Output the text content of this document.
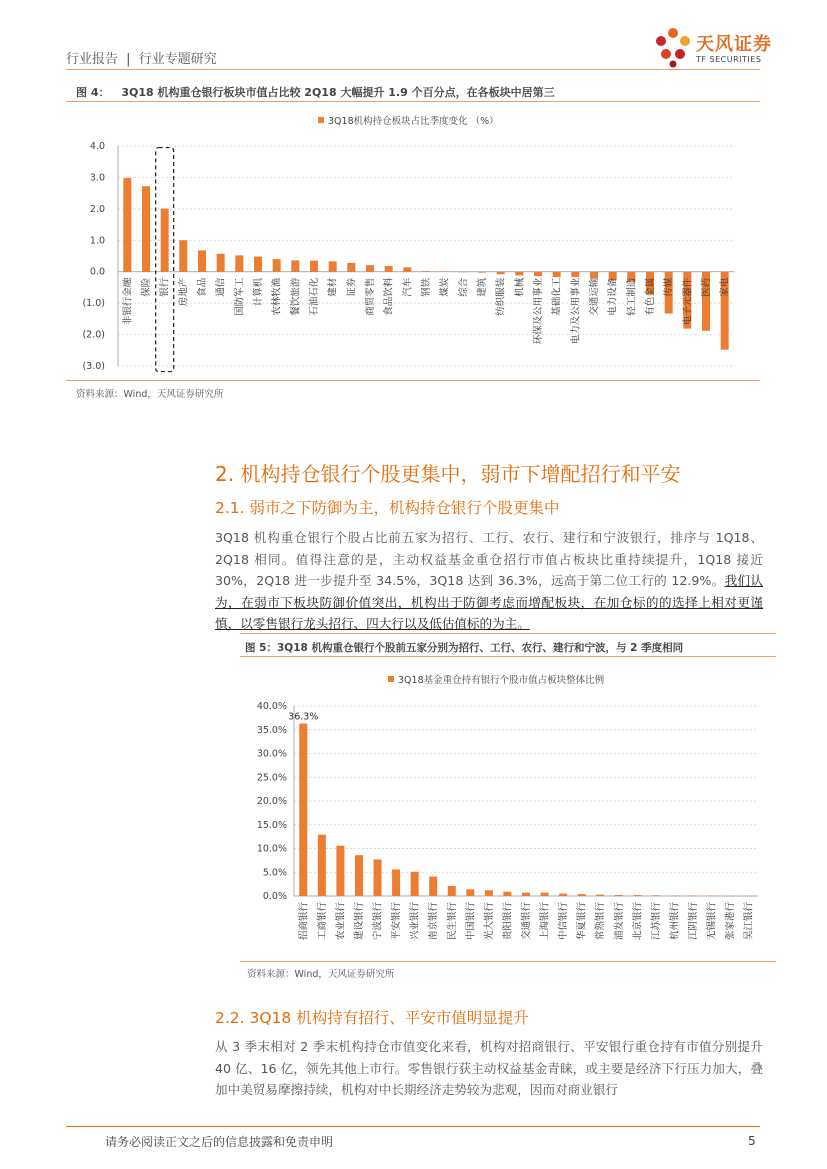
行业报告 | 行业专题研究
天风证券
TF SECURITIES
图 4： 3Q18 机构重仓银行板块市值占比较 2Q18 大幅提升 1.9 个百分点，在各板块中居第三
3Q18机构持仓板块占比季度变化 （%）
4.0
3.0
2.0
1.0
0.0
(1.0)
(2.0)
(3.0)
非银行金融 保险 银行 房地产 食品 通信 国防军工 计算机 农林牧渔 餐饮旅游 石油石化 建材 证券 商贸零售 食品饮料 汽车 钢铁 煤炭 综合 建筑 纺织服装 机械 环保及公用事业 基础化工 电力及公用事业 交通运输 电力设备 轻工制造 有色金属 传媒 电子元器件 医药 家电
资料来源：Wind，天风证券研究所
2. 机构持仓银行个股更集中，弱市下增配招行和平安
2.1. 弱市之下防御为主，机构持仓银行个股更集中
3Q18 机构重仓银行个股占比前五家为招行、工行、农行、建行和宁波银行，排序与 1Q18、2Q18 相同。值得注意的是，主动权益基金重仓招行市值占板块比重持续提升，1Q18 接近 30%，2Q18 进一步提升至 34.5%，3Q18 达到 36.3%，远高于第二位工行的 12.9%。我们认为，在弱市下板块防御价值突出，机构出于防御考虑而增配板块，在加仓标的的选择上相对更谨慎，以零售银行龙头招行、四大行以及低估值标的为主。
图 5：3Q18 机构重仓银行个股前五家分别为招行、工行、农行、建行和宁波，与 2 季度相同
3Q18基金重仓持有银行个股市值占板块整体比例
40.0%
35.0%
30.0%
25.0%
20.0%
15.0%
10.0%
5.0%
0.0%
招商银行 工商银行 农业银行 建设银行 宁波银行 平安银行 兴业银行 南京银行 民生银行 中国银行 光大银行 贵阳银行 交通银行 上海银行 中信银行 华夏银行 常熟银行 浦发银行 北京银行 江苏银行 杭州银行 江阴银行 无锡银行 张家港行 吴江银行
36.3%
资料来源：Wind，天风证券研究所
2.2. 3Q18 机构持有招行、平安市值明显提升
从 3 季末相对 2 季末机构持仓市值变化来看，机构对招商银行、平安银行重仓持有市值分别提升 40 亿、16 亿，领先其他上市行。零售银行获主动权益基金青睐，或主要是经济下行压力加大，叠加中美贸易摩擦持续，机构对中长期经济走势较为悲观，因而对商业银行
请务必阅读正文之后的信息披露和免责申明	5
